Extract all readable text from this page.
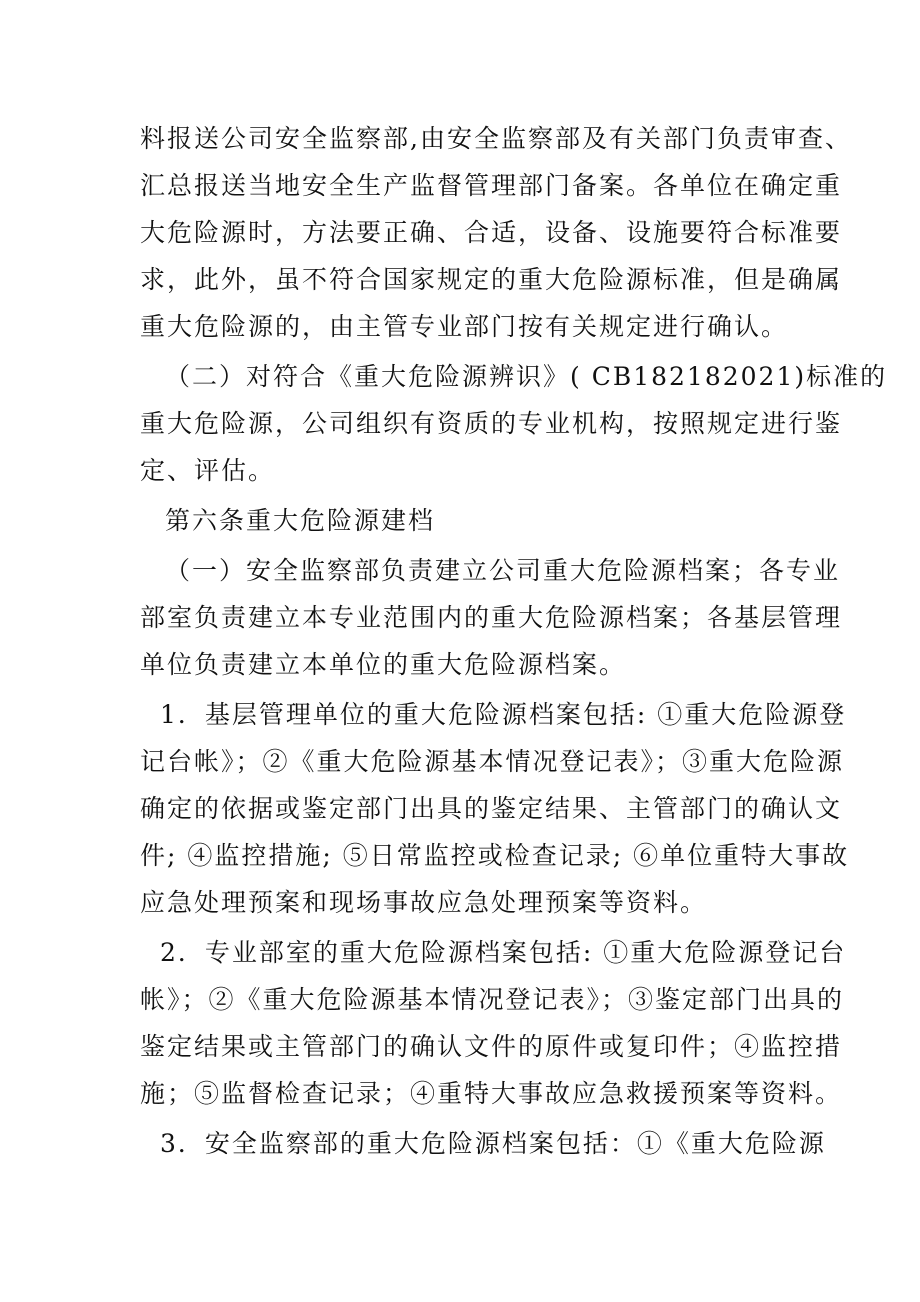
料报送公司安全监察部,由安全监察部及有关部门负责审查、
汇总报送当地安全生产监督管理部门备案。各单位在确定重
大危险源时，方法要正确、合适，设备、设施要符合标准要
求，此外，虽不符合国家规定的重大危险源标准，但是确属
重大危险源的，由主管专业部门按有关规定进行确认。
（二）对符合《重大危险源辨识》( CB182182021)标准的
重大危险源，公司组织有资质的专业机构，按照规定进行鉴
定、评估。
第六条重大危险源建档
（一）安全监察部负责建立公司重大危险源档案；各专业
部室负责建立本专业范围内的重大危险源档案；各基层管理
单位负责建立本单位的重大危险源档案。
1．基层管理单位的重大危险源档案包括: ①重大危险源登
记台帐》；②《重大危险源基本情况登记表》；③重大危险源
确定的依据或鉴定部门出具的鉴定结果、主管部门的确认文
件; ④监控措施; ⑤日常监控或检查记录; ⑥单位重特大事故
应急处理预案和现场事故应急处理预案等资料。
2．专业部室的重大危险源档案包括: ①重大危险源登记台
帐》；②《重大危险源基本情况登记表》；③鉴定部门出具的
鉴定结果或主管部门的确认文件的原件或复印件；④监控措
施；⑤监督检查记录；④重特大事故应急救援预案等资料。
3．安全监察部的重大危险源档案包括：①《重大危险源
